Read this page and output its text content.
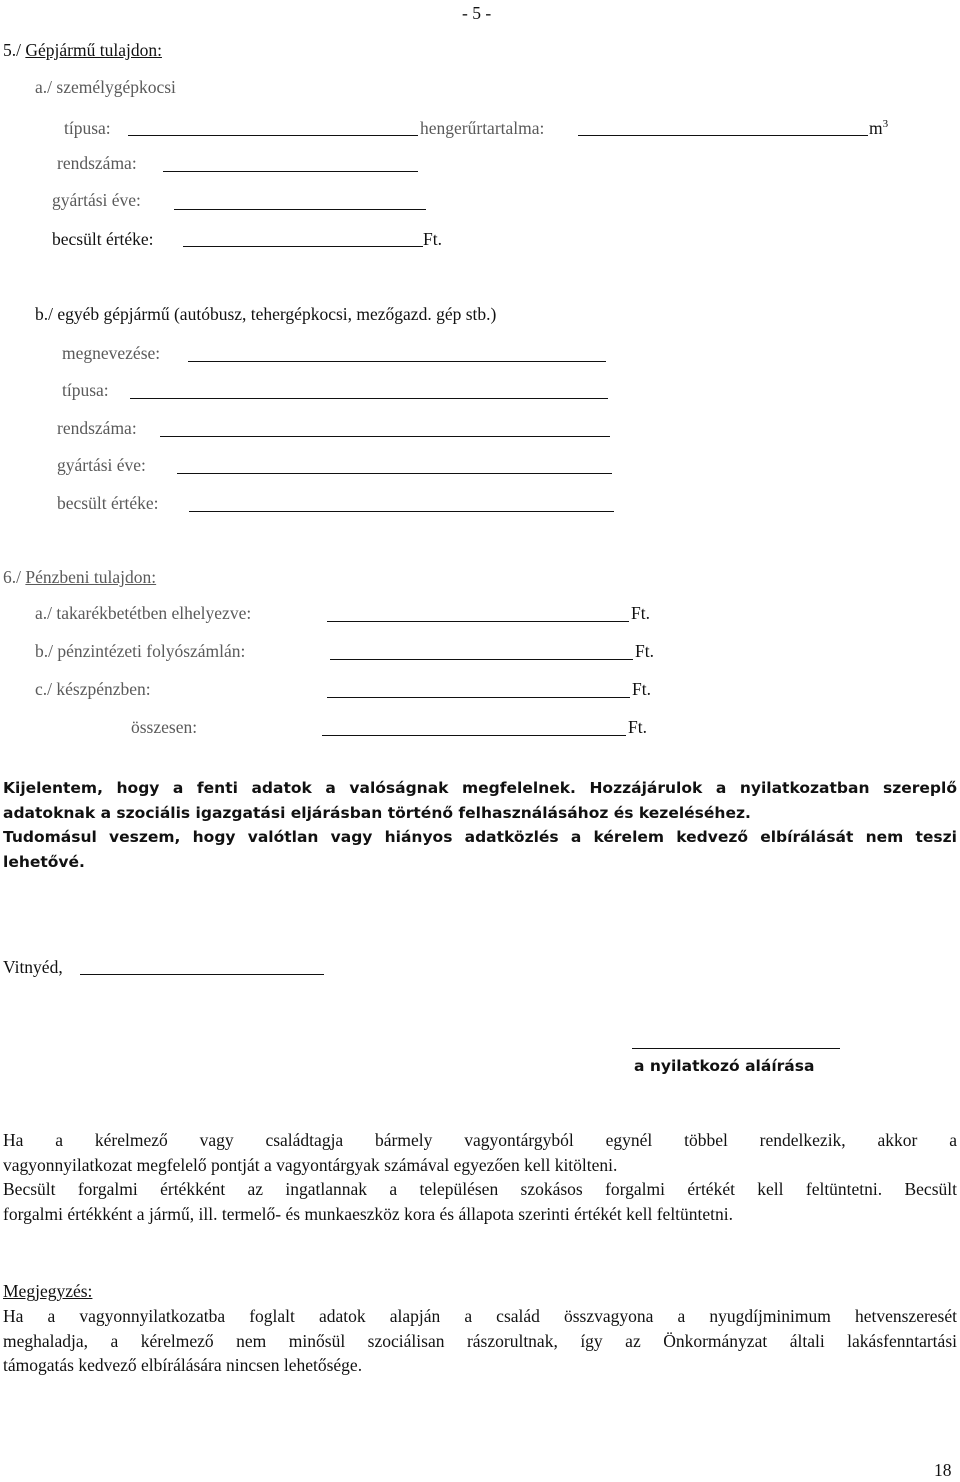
- 5 -
5./ Gépjármű tulajdon:
a./ személygépkocsi
típusa:	hengerűrtartalma:	$m^3$
rendszáma:
gyártási éve:
becsült értéke:	Ft.
b./ egyéb gépjármű (autóbusz, tehergépkocsi, mezőgazd. gép stb.)
megnevezése:
típusa:
rendszáma:
gyártási éve:
becsült értéke:
6./ Pénzbeni tulajdon:
a./ takarékbetétben elhelyezve:	Ft.
b./ pénzintézeti folyószámlán:	Ft.
c./ készpénzben:	Ft.
összesen:	Ft.
Kijelentem, hogy a fenti adatok a valóságnak megfelelnek. Hozzájárulok a nyilatkozatban szereplő
adatoknak a szociális igazgatási eljárásban történő felhasználásához és kezeléséhez.
Tudomásul veszem, hogy valótlan vagy hiányos adatközlés a kérelem kedvező elbírálását nem teszi
lehetővé.
Vitnyéd,
a nyilatkozó aláírása
Ha a kérelmező vagy családtagja bármely vagyontárgyból egynél többel rendelkezik, akkor a
vagyonnyilatkozat megfelelő pontját a vagyontárgyak számával egyezően kell kitölteni.
Becsült forgalmi értékként az ingatlannak a településen szokásos forgalmi értékét kell feltüntetni. Becsült
forgalmi értékként a jármű, ill. termelő- és munkaeszköz kora és állapota szerinti értékét kell feltüntetni.
Megjegyzés:
Ha a vagyonnyilatkozatba foglalt adatok alapján a család összvagyona a nyugdíjminimum hetvenszeresét
meghaladja, a kérelmező nem minősül szociálisan rászorultnak, így az Önkormányzat általi lakásfenntartási
támogatás kedvező elbírálására nincsen lehetősége.
18
